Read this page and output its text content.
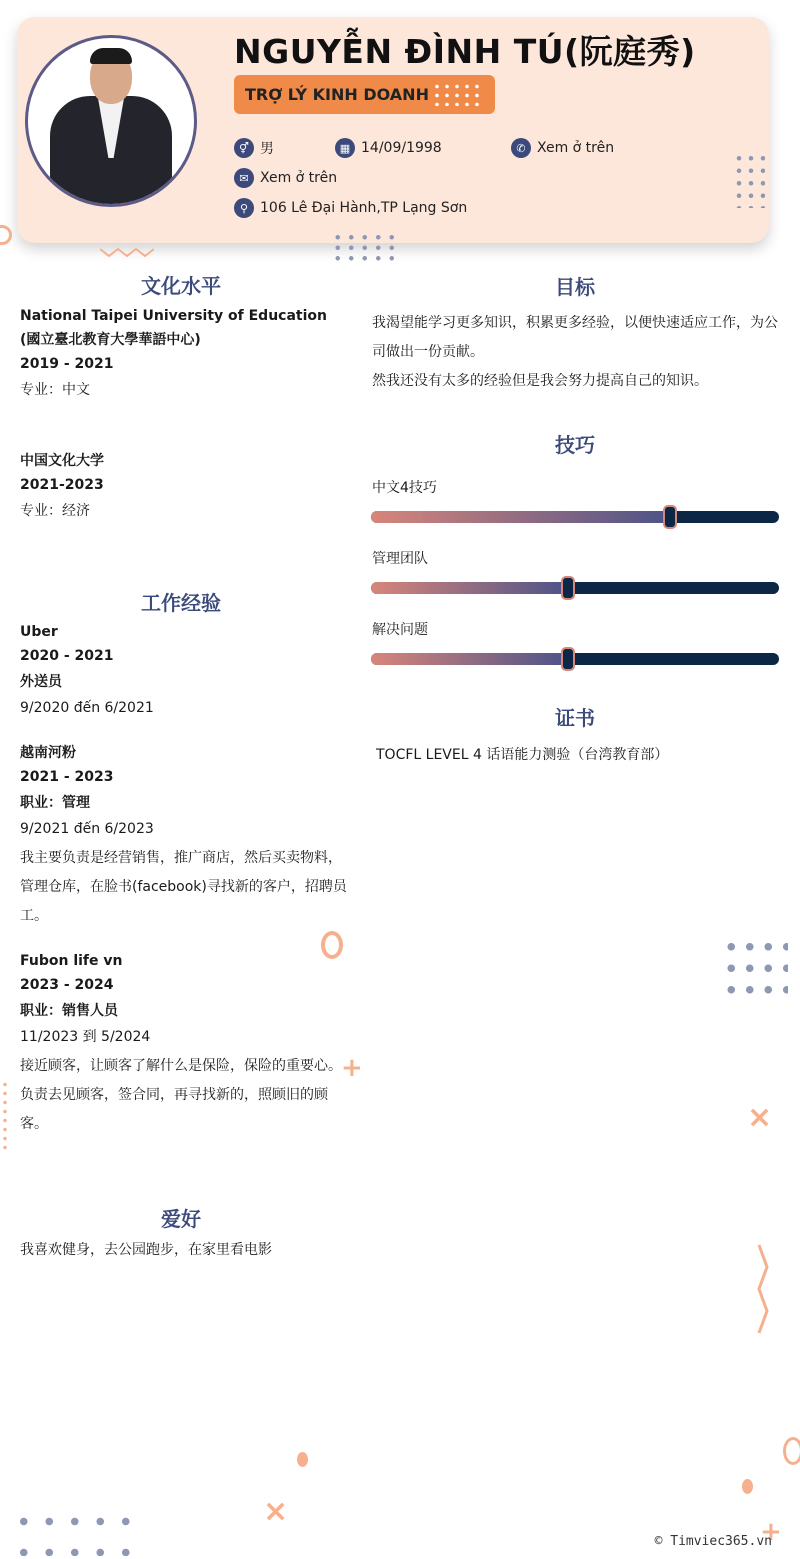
NGUYỄN ĐÌNH TÚ(阮庭秀)
TRỢ LÝ KINH DOANH
⚥ 男	▦ 14/09/1998	✆ Xem ở trên
✉ Xem ở trên
⚲ 106 Lê Đại Hành,TP Lạng Sơn
文化水平
National Taipei University of Education (國立臺北教育大學華語中心)
2019 - 2021
专业：中文
中国文化大学
2021-2023
专业：经济
工作经验
Uber
2020 - 2021
外送员
9/2020 đến 6/2021
越南河粉
2021 - 2023
职业：管理
9/2021 đến 6/2023
我主要负责是经营销售，推广商店，然后买卖物料，管理仓库，在脸书(facebook)寻找新的客户，招聘员工。
Fubon life vn
2023 - 2024
职业：销售人员
11/2023 到 5/2024
接近顾客，让顾客了解什么是保险，保险的重要心。
负责去见顾客，签合同，再寻找新的，照顾旧的顾客。
爱好
我喜欢健身，去公园跑步，在家里看电影
目标
我渴望能学习更多知识，积累更多经验，以便快速适应工作，为公司做出一份贡献。
然我还没有太多的经验但是我会努力提高自己的知识。
技巧
中文4技巧
管理团队
解决问题
证书
TOCFL LEVEL 4 话语能力测验（台湾教育部）
×
×
+
+
© Timviec365.vn
